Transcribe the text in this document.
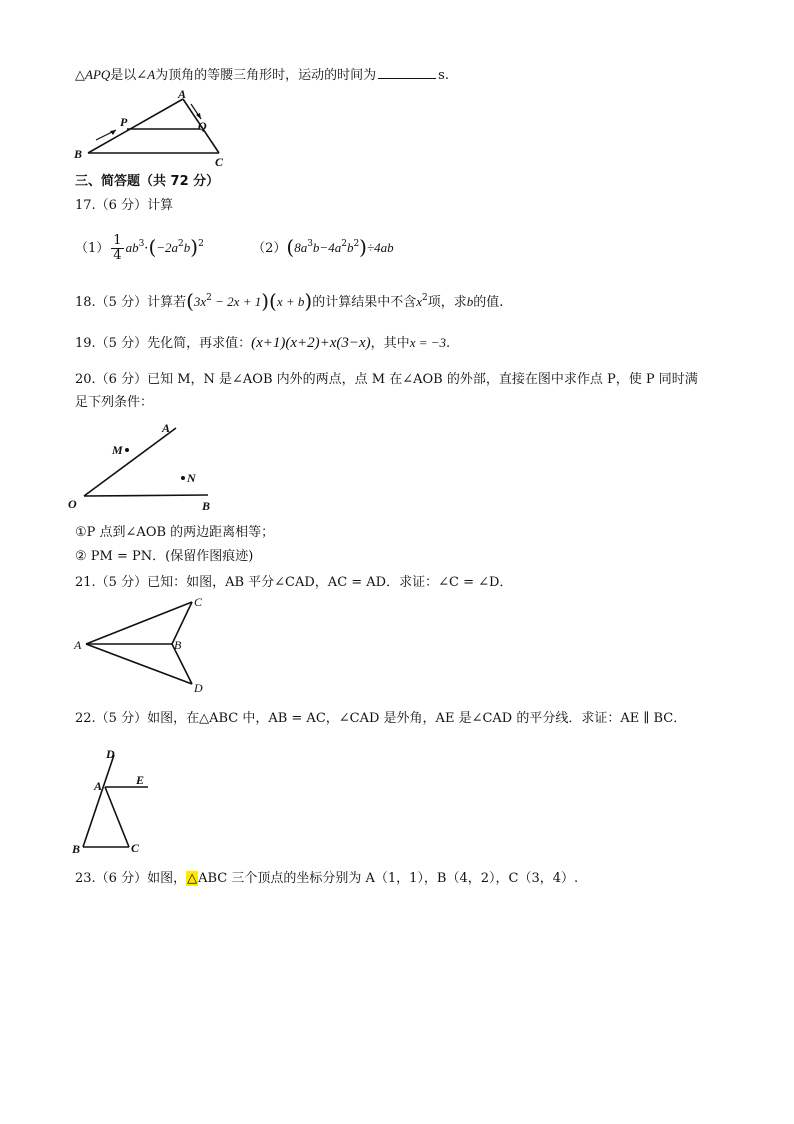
△APQ是以∠A为顶角的等腰三角形时，运动的时间为	s.
A
B
C
P	Q
三、简答题（共 72 分）
17.（6 分）计算
$(1) \frac{1}{4} ab^3\cdot(-2a^2b)^2$	$(2)(8a^3b-4a^2b^2)\div 4ab$
18.（5 分）计算若$(3x^2 - 2x + 1)(x + b)$的计算结果中不含$x^2$项，求b的值.
19.（5 分）先化简，再求值：(x+1)(x+2)+x(3−x)，其中x = −3.
20.（6 分）已知 M，N 是∠AOB 内外的两点，点 M 在∠AOB 的外部，直接在图中求作点 P，使 P 同时满
足下列条件：
A
B
O
M
N
①P 点到∠AOB 的两边距离相等；
② PM = PN．(保留作图痕迹)
21.（5 分）已知：如图，AB 平分∠CAD，AC = AD．求证：∠C = ∠D．
A	B
C
D
22.（5 分）如图，在△ABC 中，AB = AC，∠CAD 是外角，AE 是∠CAD 的平分线．求证：AE ∥ BC．
D
A	E
B	C
23.（6 分）如图，△ABC 三个顶点的坐标分别为 A（1，1），B（4，2），C（3，4）.
